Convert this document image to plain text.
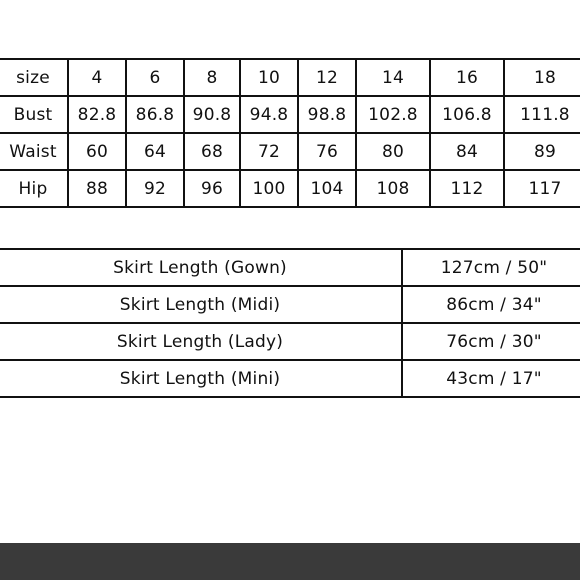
size	4	6	8	10	12	14	16	18
Bust	82.8	86.8	90.8	94.8	98.8	102.8	106.8	111.8
Waist	60	64	68	72	76	80	84	89
Hip	88	92	96	100	104	108	112	117
Skirt Length (Gown)	127cm / 50"
Skirt Length (Midi)	86cm / 34"
Skirt Length (Lady)	76cm / 30"
Skirt Length (Mini)	43cm / 17"
